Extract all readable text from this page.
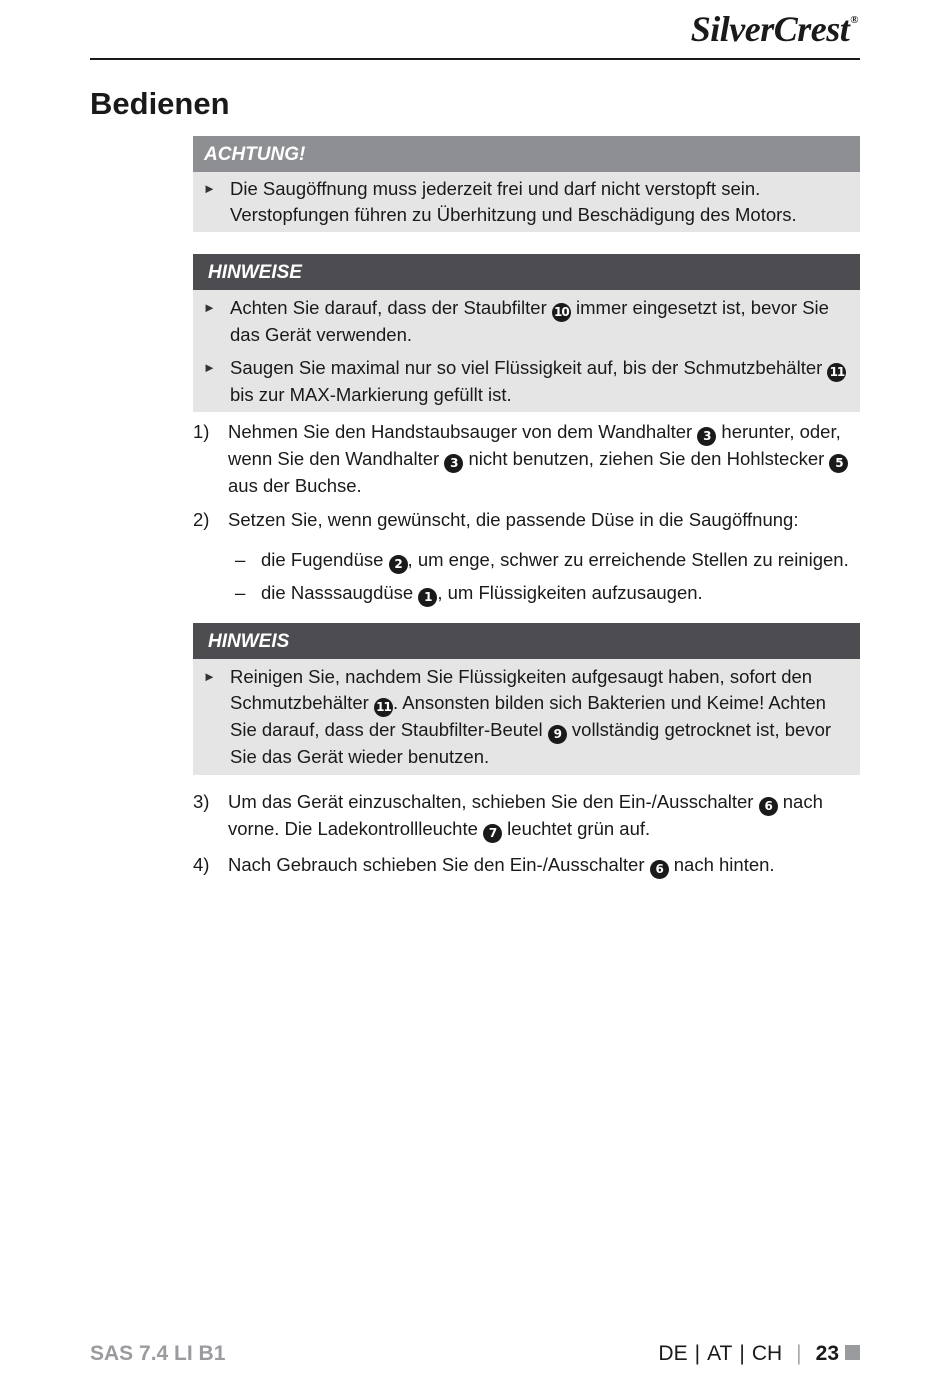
SilverCrest®
Bedienen
ACHTUNG!
► Die Saugöffnung muss jederzeit frei und darf nicht verstopft sein. Verstopfungen führen zu Überhitzung und Beschädigung des Motors.
HINWEISE
► Achten Sie darauf, dass der Staubfilter 10 immer eingesetzt ist, bevor Sie das Gerät verwenden.
► Saugen Sie maximal nur so viel Flüssigkeit auf, bis der Schmutzbehälter 11 bis zur MAX-Markierung gefüllt ist.
1)	Nehmen Sie den Handstaubsauger von dem Wandhalter 3 herunter, oder, wenn Sie den Wandhalter 3 nicht benutzen, ziehen Sie den Hohlstecker 5 aus der Buchse.
2)	Setzen Sie, wenn gewünscht, die passende Düse in die Saugöffnung:
– die Fugendüse 2 , um enge, schwer zu erreichende Stellen zu reinigen.
– die Nasssaugdüse 1 , um Flüssigkeiten aufzusaugen.
HINWEIS
► Reinigen Sie, nachdem Sie Flüssigkeiten aufgesaugt haben, sofort den Schmutzbehälter 11 . Ansonsten bilden sich Bakterien und Keime! Achten Sie darauf, dass der Staubfilter-Beutel 9 vollständig getrocknet ist, bevor Sie das Gerät wieder benutzen.
3)	Um das Gerät einzuschalten, schieben Sie den Ein-/Ausschalter 6 nach vorne. Die Ladekontrollleuchte 7 leuchtet grün auf.
4)	Nach Gebrauch schieben Sie den Ein-/Ausschalter 6 nach hinten.
SAS 7.4 LI B1	DE | AT | CH | 23
